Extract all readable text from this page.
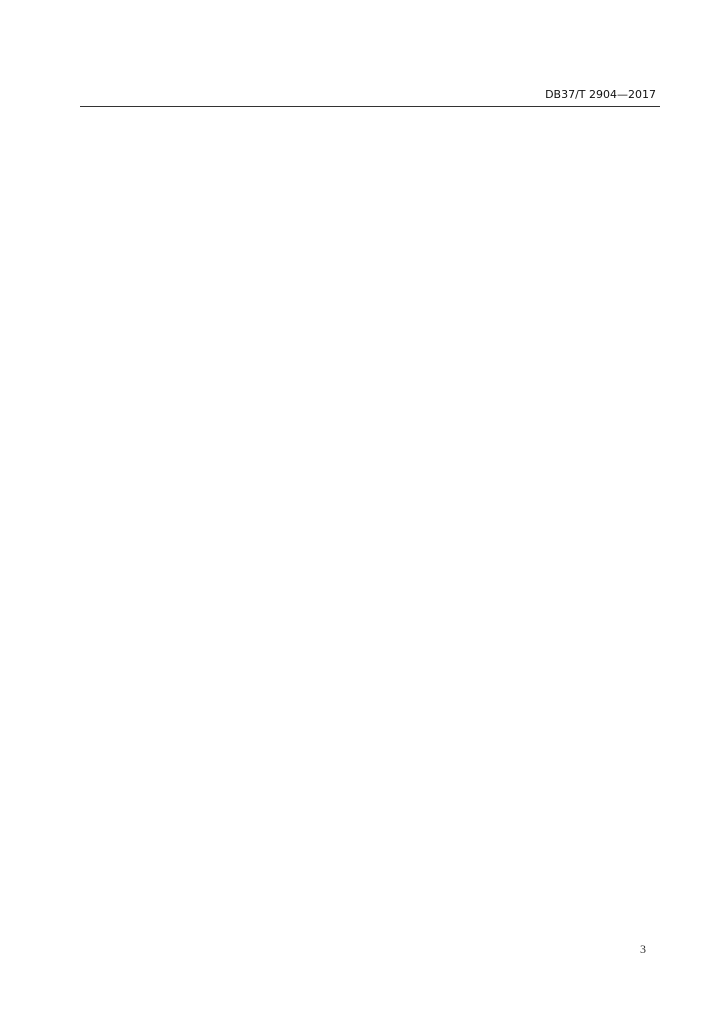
DB37/T 2904—2017
3
